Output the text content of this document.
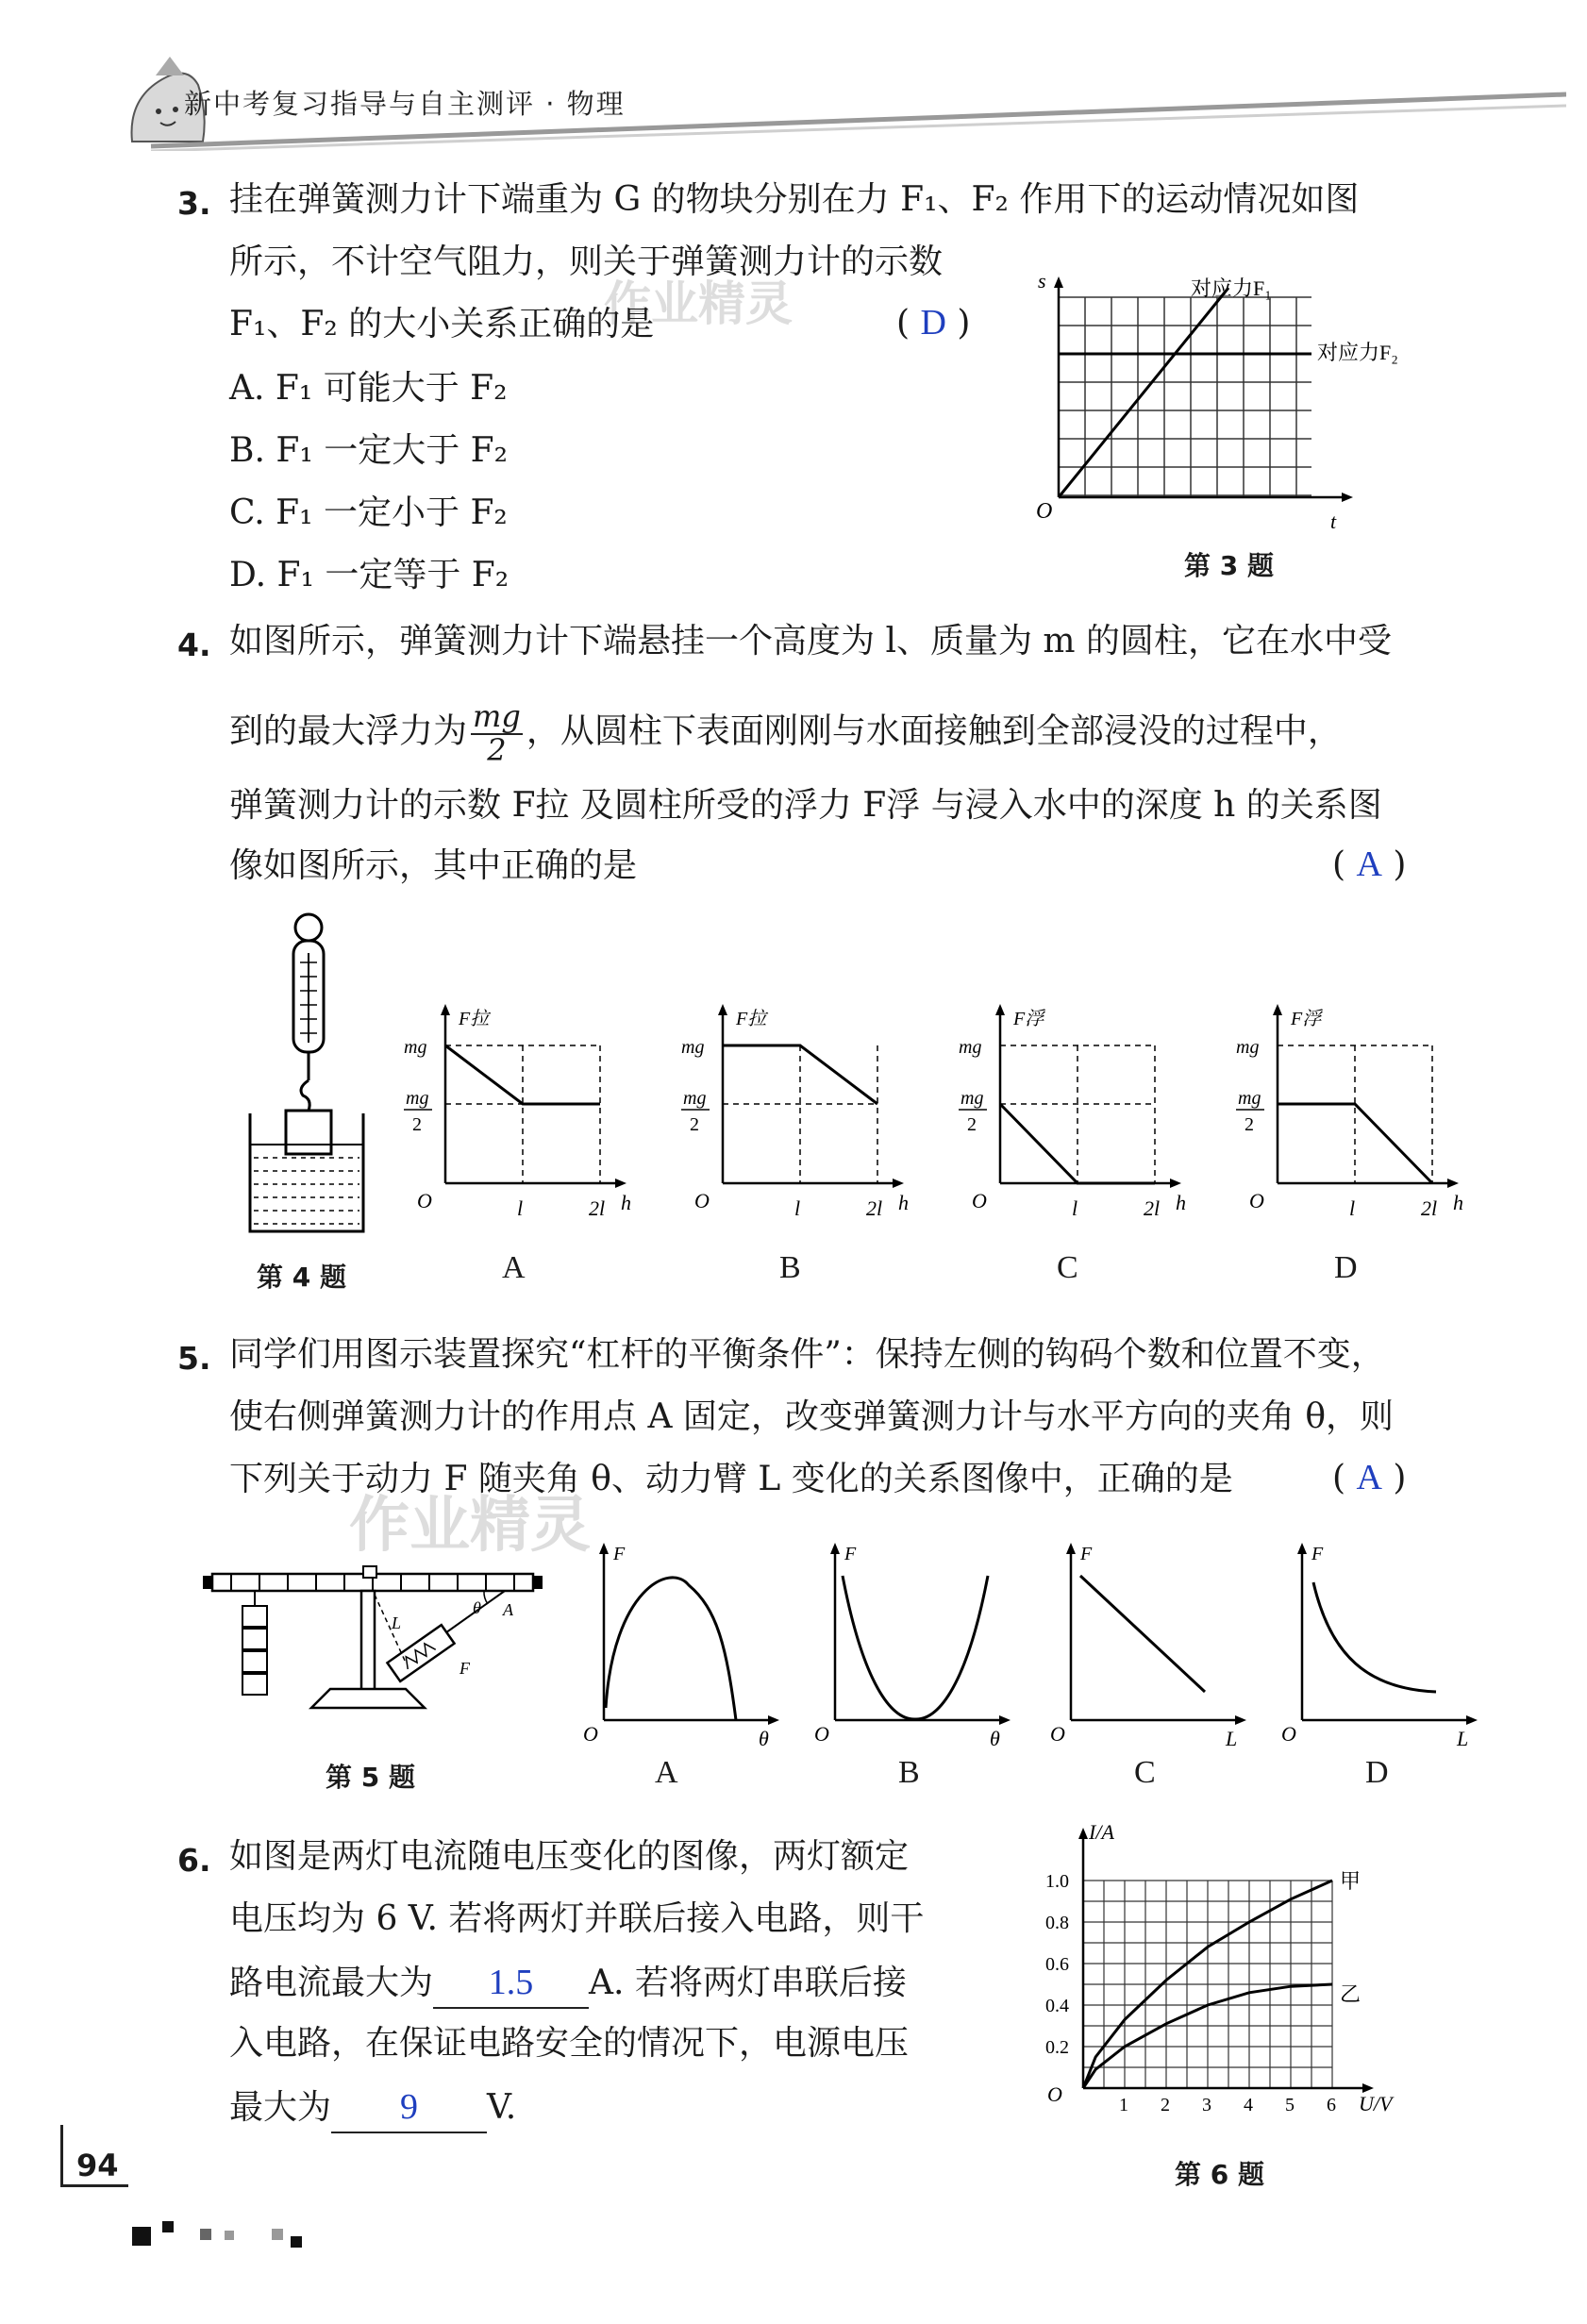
新中考复习指导与自主测评 · 物理
作业精灵
作业精灵
3. 挂在弹簧测力计下端重为 G 的物块分别在力 F₁、F₂ 作用下的运动情况如图
所示，不计空气阻力，则关于弹簧测力计的示数
F₁、F₂ 的大小关系正确的是	( D )
A. F₁ 可能大于 F₂
B. F₁ 一定大于 F₂
C. F₁ 一定小于 F₂
D. F₁ 一定等于 F₂
s
t
O
对应力F₁
对应力F₂
第 3 题
4. 如图所示，弹簧测力计下端悬挂一个高度为 l、质量为 m 的圆柱，它在水中受
到的最大浮力为 $\frac{mg}{2}$ ，从圆柱下表面刚刚与水面接触到全部浸没的过程中，
弹簧测力计的示数 F拉 及圆柱所受的浮力 F浮 与浸入水中的深度 h 的关系图
像如图所示，其中正确的是	( A )
第 4 题
F拉
mg
mg
2
O	l	2l h
A
F拉
mg
mg
2
O	l	2l h
B
F浮
mg
mg
2
O	l	2l h
C
F浮
mg
mg
2
O	l	2l h
D
5. 同学们用图示装置探究“杠杆的平衡条件”：保持左侧的钩码个数和位置不变，
使右侧弹簧测力计的作用点 A 固定，改变弹簧测力计与水平方向的夹角 θ，则
下列关于动力 F 随夹角 θ、动力臂 L 变化的关系图像中，正确的是	( A )
L
θ A
F
第 5 题
F
O	θ
A
F
O	θ
B
F
O	L
C
F
O	L
D
6. 如图是两灯电流随电压变化的图像，两灯额定
电压均为 6 V. 若将两灯并联后接入电路，则干
路电流最大为 1.5 A. 若将两灯串联后接
入电路，在保证电路安全的情况下，电源电压
最大为 9 V.
I/A
O
1.0
0.8
0.6
0.4
0.2
1 2 3 4 5 6 U/V
甲
乙
第 6 题
94
